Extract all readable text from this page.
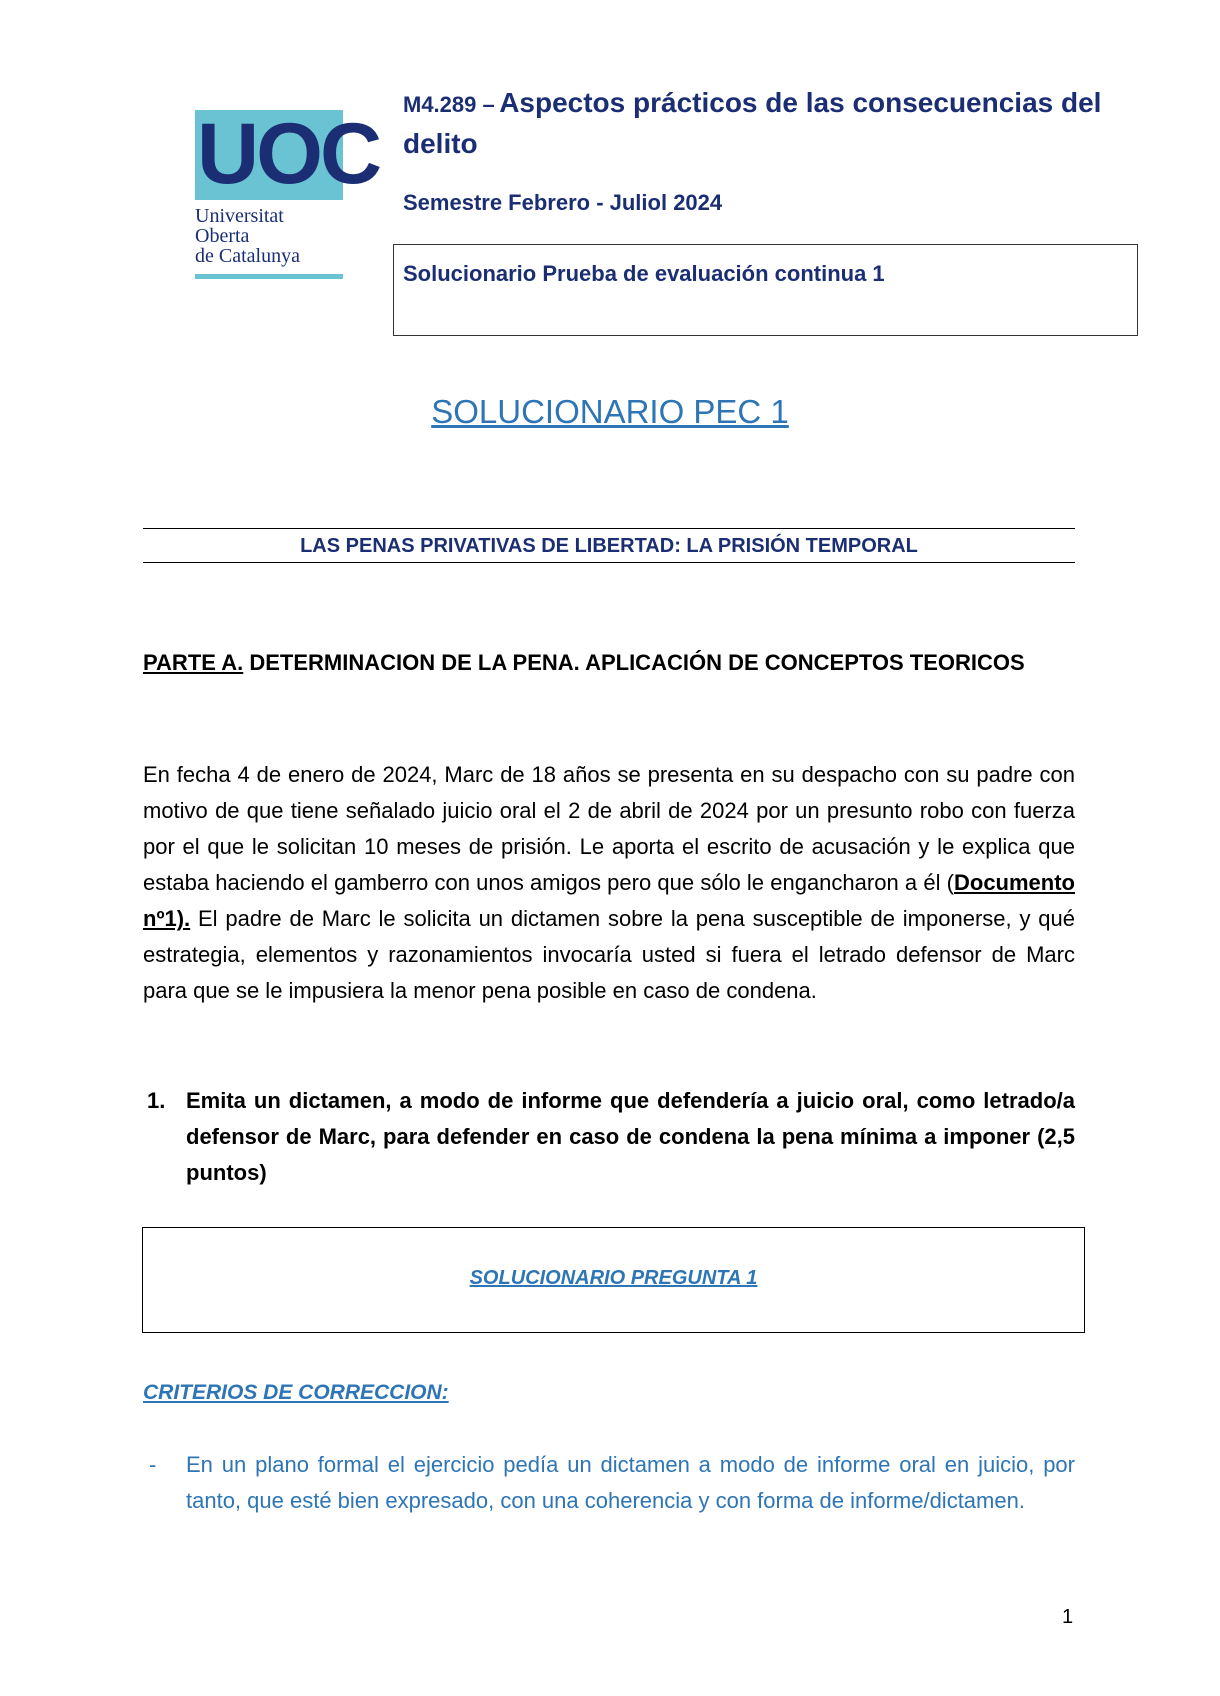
UOC
Universitat
Oberta
de Catalunya
M4.289 – Aspectos prácticos de las consecuencias del delito
Semestre Febrero - Juliol 2024
Solucionario Prueba de evaluación continua 1
SOLUCIONARIO PEC 1
LAS PENAS PRIVATIVAS DE LIBERTAD: LA PRISIÓN TEMPORAL
PARTE A. DETERMINACION DE LA PENA. APLICACIÓN DE CONCEPTOS TEORICOS
En fecha 4 de enero de 2024, Marc de 18 años se presenta en su despacho con su padre con motivo de que tiene señalado juicio oral el 2 de abril de 2024 por un presunto robo con fuerza por el que le solicitan 10 meses de prisión. Le aporta el escrito de acusación y le explica que estaba haciendo el gamberro con unos amigos pero que sólo le engancharon a él (Documento nº1). El padre de Marc le solicita un dictamen sobre la pena susceptible de imponerse, y qué estrategia, elementos y razonamientos invocaría usted si fuera el letrado defensor de Marc para que se le impusiera la menor pena posible en caso de condena.
1. Emita un dictamen, a modo de informe que defendería a juicio oral, como letrado/a defensor de Marc, para defender en caso de condena la pena mínima a imponer (2,5 puntos)
SOLUCIONARIO PREGUNTA 1
CRITERIOS DE CORRECCION:
- En un plano formal el ejercicio pedía un dictamen a modo de informe oral en juicio, por tanto, que esté bien expresado, con una coherencia y con forma de informe/dictamen.
1
